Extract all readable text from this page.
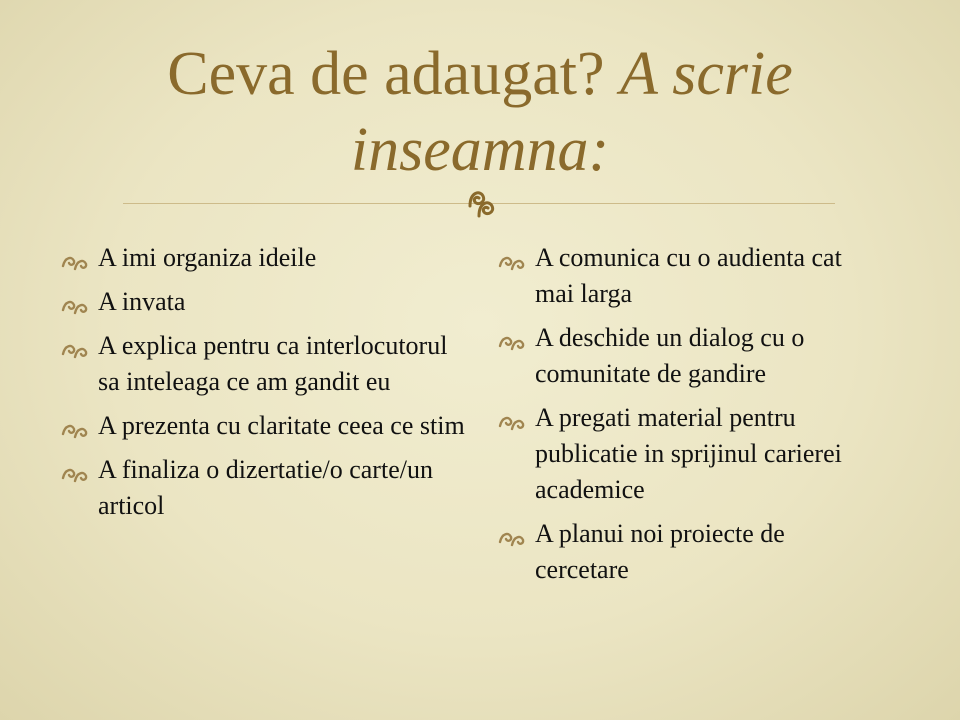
Ceva de adaugat? A scrie inseamna:
A imi organiza ideile
A invata
A explica pentru ca interlocutorul sa inteleaga ce am gandit eu
A prezenta cu claritate ceea ce stim
A finaliza o dizertatie/o carte/un articol
A comunica cu o audienta cat mai larga
A deschide un dialog cu o comunitate de gandire
A pregati material pentru publicatie in sprijinul carierei academice
A planui noi proiecte de cercetare
